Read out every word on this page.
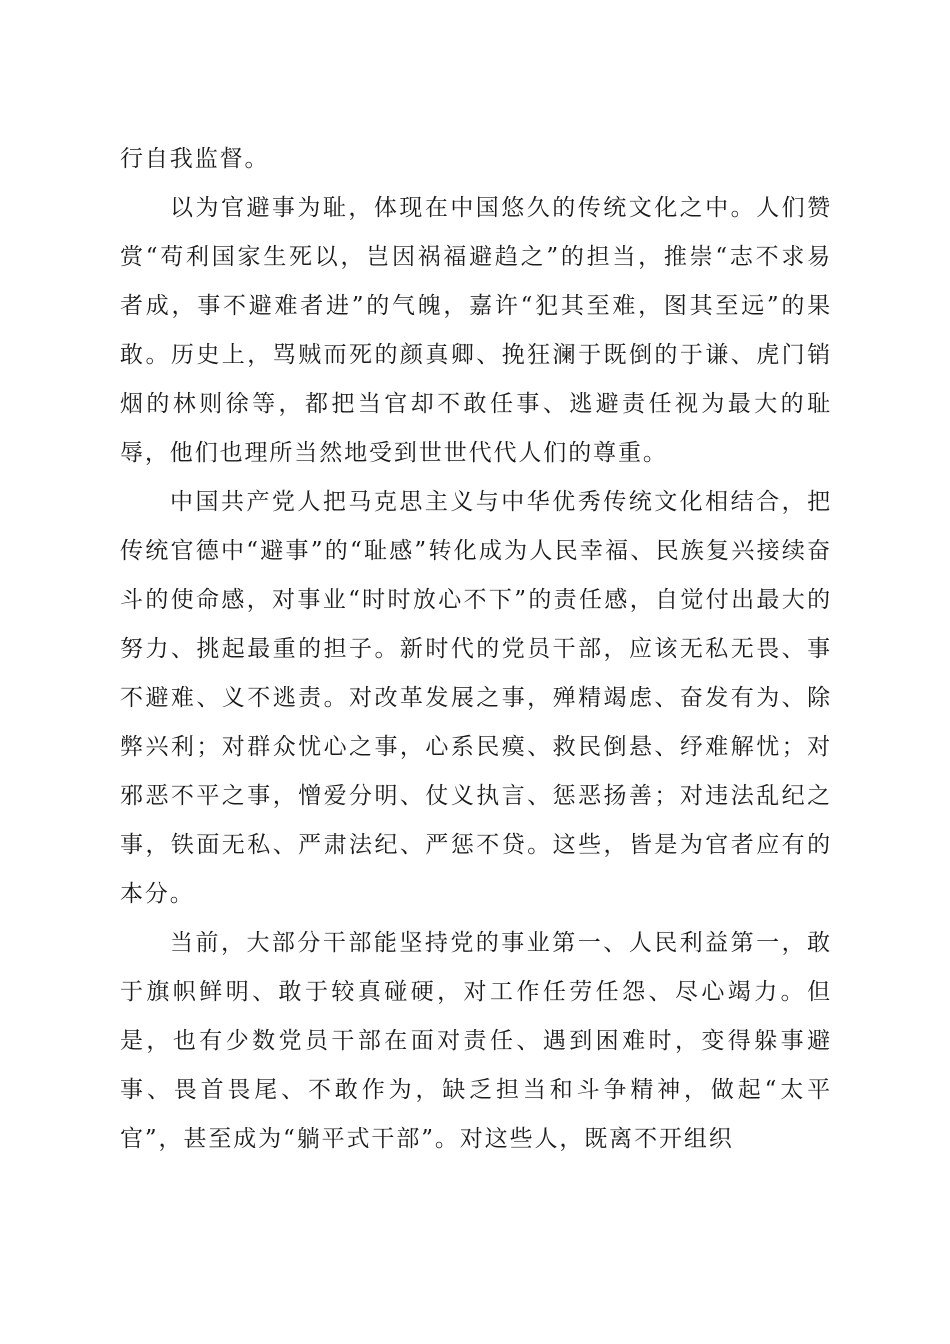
行自我监督。

以为官避事为耻，体现在中国悠久的传统文化之中。人们赞赏“苟利国家生死以，岂因祸福避趋之”的担当，推崇“志不求易者成，事不避难者进”的气魄，嘉许“犯其至难，图其至远”的果敢。历史上，骂贼而死的颜真卿、挽狂澜于既倒的于谦、虎门销烟的林则徐等，都把当官却不敢任事、逃避责任视为最大的耻辱，他们也理所当然地受到世世代代人们的尊重。

中国共产党人把马克思主义与中华优秀传统文化相结合，把传统官德中“避事”的“耻感”转化成为人民幸福、民族复兴接续奋斗的使命感，对事业“时时放心不下”的责任感，自觉付出最大的努力、挑起最重的担子。新时代的党员干部，应该无私无畏、事不避难、义不逃责。对改革发展之事，殚精竭虑、奋发有为、除弊兴利；对群众忧心之事，心系民瘼、救民倒悬、纾难解忧；对邪恶不平之事，憎爱分明、仗义执言、惩恶扬善；对违法乱纪之事，铁面无私、严肃法纪、严惩不贷。这些，皆是为官者应有的本分。

当前，大部分干部能坚持党的事业第一、人民利益第一，敢于旗帜鲜明、敢于较真碰硬，对工作任劳任怨、尽心竭力。但是，也有少数党员干部在面对责任、遇到困难时，变得躲事避事、畏首畏尾、不敢作为，缺乏担当和斗争精神，做起“太平官”，甚至成为“躺平式干部”。对这些人，既离不开组织
